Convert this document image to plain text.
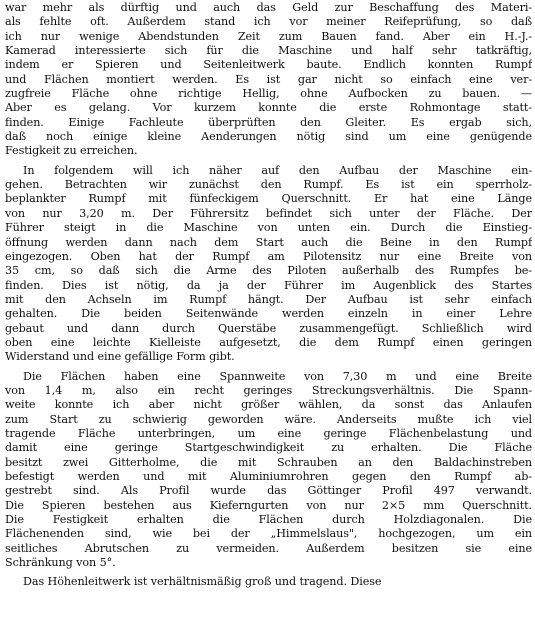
war mehr als dürftig und auch das Geld zur Beschaffung des Materi-
als fehlte oft. Außerdem stand ich vor meiner Reifeprüfung, so daß
ich nur wenige Abendstunden Zeit zum Bauen fand. Aber ein H.-J.-
Kamerad interessierte sich für die Maschine und half sehr tatkräftig,
indem er Spieren und Seitenleitwerk baute. Endlich konnten Rumpf
und Flächen montiert werden. Es ist gar nicht so einfach eine ver-
zugfreie Fläche ohne richtige Hellig, ohne Aufbocken zu bauen. —
Aber es gelang. Vor kurzem konnte die erste Rohmontage statt-
finden. Einige Fachleute überprüften den Gleiter. Es ergab sich,
daß noch einige kleine Aenderungen nötig sind um eine genügende
Festigkeit zu erreichen.

In folgendem will ich näher auf den Aufbau der Maschine ein-
gehen. Betrachten wir zunächst den Rumpf. Es ist ein sperrholz-
beplankter Rumpf mit fünfeckigem Querschnitt. Er hat eine Länge
von nur 3,20 m. Der Führersitz befindet sich unter der Fläche. Der
Führer steigt in die Maschine von unten ein. Durch die Einstieg-
öffnung werden dann nach dem Start auch die Beine in den Rumpf
eingezogen. Oben hat der Rumpf am Pilotensitz nur eine Breite von
35 cm, so daß sich die Arme des Piloten außerhalb des Rumpfes be-
finden. Dies ist nötig, da ja der Führer im Augenblick des Startes
mit den Achseln im Rumpf hängt. Der Aufbau ist sehr einfach
gehalten. Die beiden Seitenwände werden einzeln in einer Lehre
gebaut und dann durch Querstäbe zusammengefügt. Schließlich wird
oben eine leichte Kielleiste aufgesetzt, die dem Rumpf einen geringen
Widerstand und eine gefällige Form gibt.

Die Flächen haben eine Spannweite von 7,30 m und eine Breite
von 1,4 m, also ein recht geringes Streckungsverhältnis. Die Spann-
weite konnte ich aber nicht größer wählen, da sonst das Anlaufen
zum Start zu schwierig geworden wäre. Anderseits mußte ich viel
tragende Fläche unterbringen, um eine geringe Flächenbelastung und
damit eine geringe Startgeschwindigkeit zu erhalten. Die Fläche
besitzt zwei Gitterholme, die mit Schrauben an den Baldachinstreben
befestigt werden und mit Aluminiumrohren gegen den Rumpf ab-
gestrebt sind. Als Profil wurde das Göttinger Profil 497 verwandt.
Die Spieren bestehen aus Kieferngurten von nur 2×5 mm Querschnitt.
Die Festigkeit erhalten die Flächen durch Holzdiagonalen. Die
Flächenenden sind, wie bei der „Himmelslaus", hochgezogen, um ein
seitliches Abrutschen zu vermeiden. Außerdem besitzen sie eine
Schränkung von 5°.

Das Höhenleitwerk ist verhältnismäßig groß und tragend. Diese
